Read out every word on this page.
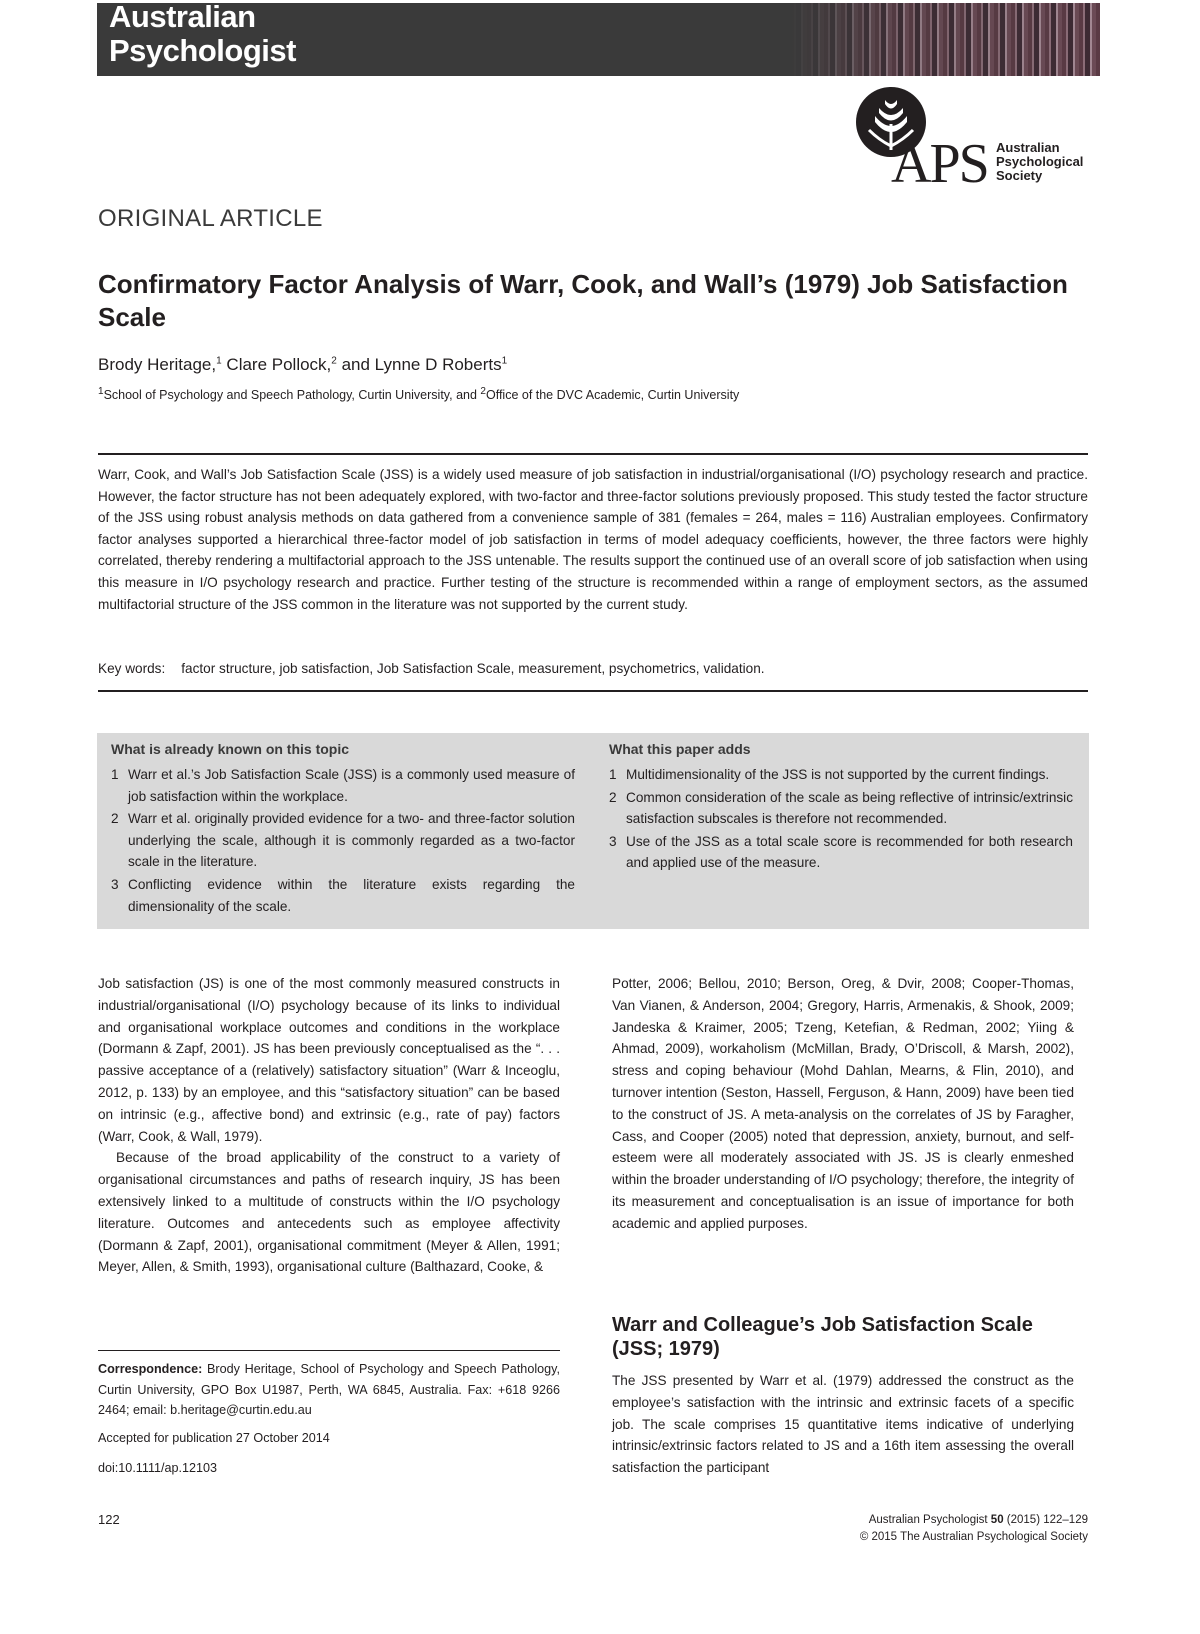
Australian
Psychologist
APS Australian
Psychological
Society
ORIGINAL ARTICLE
Confirmatory Factor Analysis of Warr, Cook, and Wall’s (1979) Job Satisfaction Scale
Brody Heritage,$^1$ Clare Pollock,$^2$ and Lynne D Roberts$^1$
$^1$School of Psychology and Speech Pathology, Curtin University, and $^2$Office of the DVC Academic, Curtin University
Warr, Cook, and Wall’s Job Satisfaction Scale (JSS) is a widely used measure of job satisfaction in industrial/organisational (I/O) psychology research and practice. However, the factor structure has not been adequately explored, with two-factor and three-factor solutions previously proposed. This study tested the factor structure of the JSS using robust analysis methods on data gathered from a convenience sample of 381 (females = 264, males = 116) Australian employees. Confirmatory factor analyses supported a hierarchical three-factor model of job satisfaction in terms of model adequacy coefficients, however, the three factors were highly correlated, thereby rendering a multifactorial approach to the JSS untenable. The results support the continued use of an overall score of job satisfaction when using this measure in I/O psychology research and practice. Further testing of the structure is recommended within a range of employment sectors, as the assumed multifactorial structure of the JSS common in the literature was not supported by the current study.
Key words: factor structure, job satisfaction, Job Satisfaction Scale, measurement, psychometrics, validation.
What is already known on this topic
1 Warr et al.’s Job Satisfaction Scale (JSS) is a commonly used measure of job satisfaction within the workplace.
2 Warr et al. originally provided evidence for a two- and three-factor solution underlying the scale, although it is commonly regarded as a two-factor scale in the literature.
3 Conflicting evidence within the literature exists regarding the dimensionality of the scale.
What this paper adds
1 Multidimensionality of the JSS is not supported by the current findings.
2 Common consideration of the scale as being reflective of intrinsic/extrinsic satisfaction subscales is therefore not recommended.
3 Use of the JSS as a total scale score is recommended for both research and applied use of the measure.

Job satisfaction (JS) is one of the most commonly measured constructs in industrial/organisational (I/O) psychology because of its links to individual and organisational workplace outcomes and conditions in the workplace (Dormann & Zapf, 2001). JS has been previously conceptualised as the “. . . passive acceptance of a (relatively) satisfactory situation” (Warr & Inceoglu, 2012, p. 133) by an employee, and this “satisfactory situation” can be based on intrinsic (e.g., affective bond) and extrinsic (e.g., rate of pay) factors (Warr, Cook, & Wall, 1979).

Because of the broad applicability of the construct to a variety of organisational circumstances and paths of research inquiry, JS has been extensively linked to a multitude of constructs within the I/O psychology literature. Outcomes and antecedents such as employee affectivity (Dormann & Zapf, 2001), organisational commitment (Meyer & Allen, 1991; Meyer, Allen, & Smith, 1993), organisational culture (Balthazard, Cooke, &

Potter, 2006; Bellou, 2010; Berson, Oreg, & Dvir, 2008; Cooper-Thomas, Van Vianen, & Anderson, 2004; Gregory, Harris, Armenakis, & Shook, 2009; Jandeska & Kraimer, 2005; Tzeng, Ketefian, & Redman, 2002; Yiing & Ahmad, 2009), workaholism (McMillan, Brady, O’Driscoll, & Marsh, 2002), stress and coping behaviour (Mohd Dahlan, Mearns, & Flin, 2010), and turnover intention (Seston, Hassell, Ferguson, & Hann, 2009) have been tied to the construct of JS. A meta-analysis on the correlates of JS by Faragher, Cass, and Cooper (2005) noted that depression, anxiety, burnout, and self-esteem were all moderately associated with JS. JS is clearly enmeshed within the broader understanding of I/O psychology; therefore, the integrity of its measurement and conceptualisation is an issue of importance for both academic and applied purposes.

Warr and Colleague’s Job Satisfaction Scale (JSS; 1979)

The JSS presented by Warr et al. (1979) addressed the construct as the employee’s satisfaction with the intrinsic and extrinsic facets of a specific job. The scale comprises 15 quantitative items indicative of underlying intrinsic/extrinsic factors related to JS and a 16th item assessing the overall satisfaction the participant

Correspondence: Brody Heritage, School of Psychology and Speech Pathology, Curtin University, GPO Box U1987, Perth, WA 6845, Australia. Fax: +618 9266 2464; email: b.heritage@curtin.edu.au
Accepted for publication 27 October 2014
doi:10.1111/ap.12103
122	Australian Psychologist 50 (2015) 122–129
© 2015 The Australian Psychological Society
